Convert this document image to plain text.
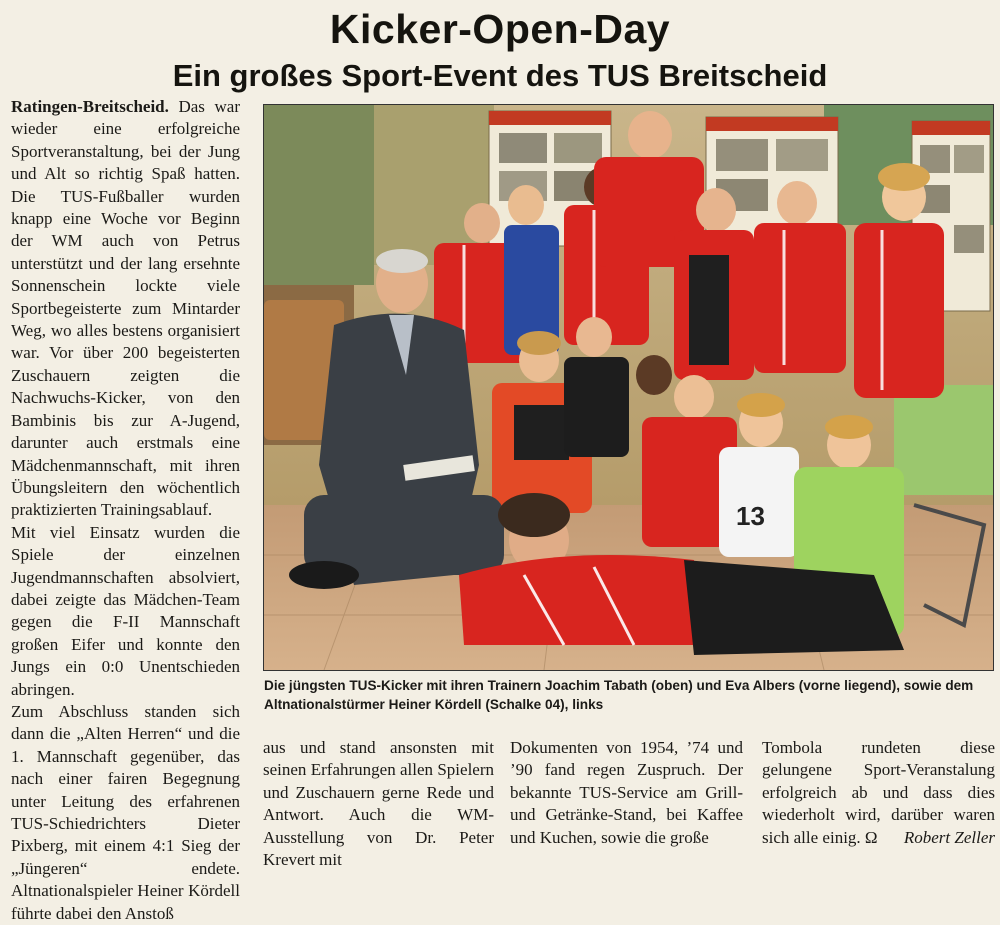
Kicker-Open-Day
Ein großes Sport-Event des TUS Breitscheid

Ratingen-Breitscheid. Das war wieder eine erfolgreiche Sportveranstaltung, bei der Jung und Alt so richtig Spaß hatten. Die TUS-Fußballer wurden knapp eine Woche vor Beginn der WM auch von Petrus unterstützt und der lang ersehnte Sonnenschein lockte viele Sportbegeisterte zum Mintarder Weg, wo alles bestens organisiert war. Vor über 200 begeisterten Zuschauern zeigten die Nachwuchs-Kicker, von den Bambinis bis zur A-Jugend, darunter auch erstmals eine Mädchenmannschaft, mit ihren Übungsleitern den wöchentlich praktizierten Trainingsablauf.

Mit viel Einsatz wurden die Spiele der einzelnen Jugendmannschaften absolviert, dabei zeigte das Mädchen-Team gegen die F-II Mannschaft großen Eifer und konnte den Jungs ein 0:0 Unentschieden abringen.

Zum Abschluss standen sich dann die „Alten Herren“ und die 1. Mannschaft gegenüber, das nach einer fairen Begegnung unter Leitung des erfahrenen TUS-Schiedrichters Dieter Pixberg, mit einem 4:1 Sieg der „Jüngeren“ endete. Altnationalspieler Heiner Kördell führte dabei den Anstoß

13
Die jüngsten TUS-Kicker mit ihren Trainern Joachim Tabath (oben) und Eva Albers (vorne liegend), sowie dem Altnationalstürmer Heiner Kördell (Schalke 04), links

aus und stand ansonsten mit seinen Erfahrungen allen Spielern und Zuschauern gerne Rede und Antwort. Auch die WM-Ausstellung von Dr. Peter Krevert mit

Dokumenten von 1954, ’74 und ’90 fand regen Zuspruch. Der bekannte TUS-Service am Grill- und Getränke-Stand, bei Kaffee und Kuchen, sowie die große

Tombola rundeten diese gelungene Sport-Veranstalung erfolgreich ab und dass dies wiederholt wird, darüber waren sich alle einig. Ω Robert Zeller
